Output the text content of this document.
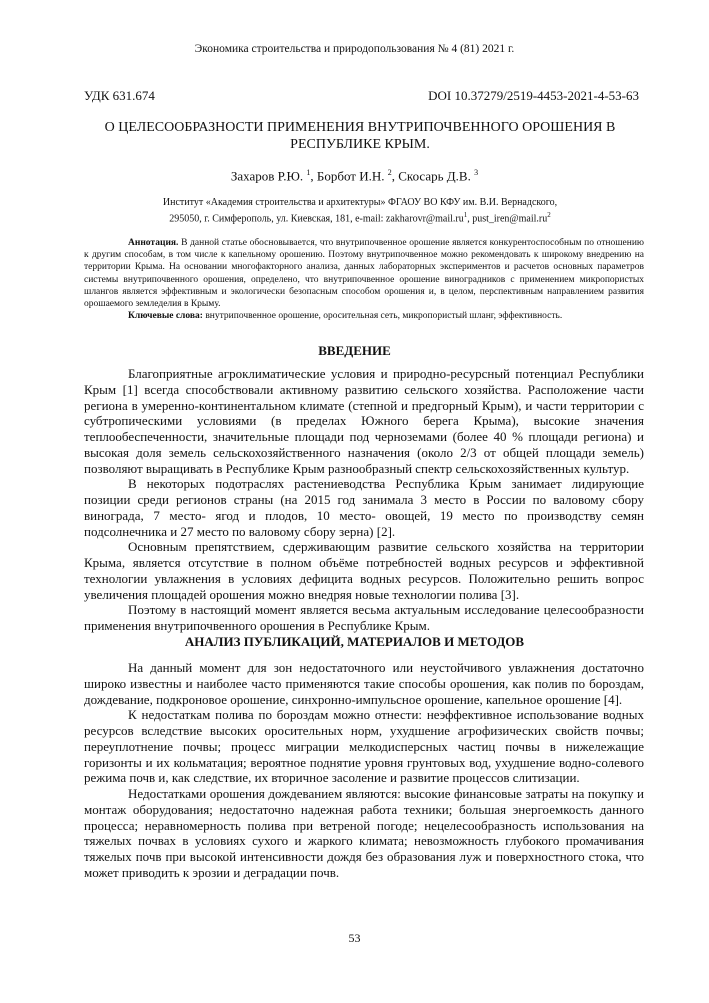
Экономика строительства и природопользования № 4 (81) 2021 г.
УДК 631.674	DOI 10.37279/2519-4453-2021-4-53-63
О ЦЕЛЕСООБРАЗНОСТИ ПРИМЕНЕНИЯ ВНУТРИПОЧВЕННОГО ОРОШЕНИЯ В РЕСПУБЛИКЕ КРЫМ.
Захаров Р.Ю. $^1$, Борбот И.Н. $^2$, Скосарь Д.В. $^3$
Институт «Академия строительства и архитектуры» ФГАОУ ВО КФУ им. В.И. Вернадского,
295050, г. Симферополь, ул. Киевская, 181, e-mail: $zakharovr@mail.ru^1$, $pust\_iren@mail.ru^2$
Аннотация. В данной статье обосновывается, что внутрипочвенное орошение является конкурентоспособным по отношению к другим способам, в том числе к капельному орошению. Поэтому внутрипочвенное можно рекомендовать к широкому внедрению на территории Крыма. На основании многофакторного анализа, данных лабораторных экспериментов и расчетов основных параметров системы внутрипочвенного орошения, определено, что внутрипочвенное орошение виноградников с применением микропористых шлангов является эффективным и экологически безопасным способом орошения и, в целом, перспективным направлением развития орошаемого земледелия в Крыму.
Ключевые слова: внутрипочвенное орошение, оросительная сеть, микропористый шланг, эффективность.
ВВЕДЕНИЕ

Благоприятные агроклиматические условия и природно-ресурсный потенциал Республики Крым [1] всегда способствовали активному развитию сельского хозяйства. Расположение части региона в умеренно-континентальном климате (степной и предгорный Крым), и части территории с субтропическими условиями (в пределах Южного берега Крыма), высокие значения теплообеспеченности, значительные площади под черноземами (более 40 % площади региона) и высокая доля земель сельскохозяйственного назначения (около 2/3 от общей площади земель) позволяют выращивать в Республике Крым разнообразный спектр сельскохозяйственных культур.

В некоторых подотраслях растениеводства Республика Крым занимает лидирующие позиции среди регионов страны (на 2015 год занимала 3 место в России по валовому сбору винограда, 7 место- ягод и плодов, 10 место- овощей, 19 место по производству семян подсолнечника и 27 место по валовому сбору зерна) [2].

Основным препятствием, сдерживающим развитие сельского хозяйства на территории Крыма, является отсутствие в полном объёме потребностей водных ресурсов и эффективной технологии увлажнения в условиях дефицита водных ресурсов. Положительно решить вопрос увеличения площадей орошения можно внедряя новые технологии полива [3].

Поэтому в настоящий момент является весьма актуальным исследование целесообразности применения внутрипочвенного орошения в Республике Крым.

АНАЛИЗ ПУБЛИКАЦИЙ, МАТЕРИАЛОВ И МЕТОДОВ

На данный момент для зон недостаточного или неустойчивого увлажнения достаточно широко известны и наиболее часто применяются такие способы орошения, как полив по бороздам, дождевание, подкроновое орошение, синхронно-импульсное орошение, капельное орошение [4].

К недостаткам полива по бороздам можно отнести: неэффективное использование водных ресурсов вследствие высоких оросительных норм, ухудшение агрофизических свойств почвы; переуплотнение почвы; процесс миграции мелкодисперсных частиц почвы в нижележащие горизонты и их кольматация; вероятное поднятие уровня грунтовых вод, ухудшение водно-солевого режима почв и, как следствие, их вторичное засоление и развитие процессов слитизации.

Недостатками орошения дождеванием являются: высокие финансовые затраты на покупку и монтаж оборудования; недостаточно надежная работа техники; большая энергоемкость данного процесса; неравномерность полива при ветреной погоде; нецелесообразность использования на тяжелых почвах в условиях сухого и жаркого климата; невозможность глубокого промачивания тяжелых почв при высокой интенсивности дождя без образования луж и поверхностного стока, что может приводить к эрозии и деградации почв.

53
